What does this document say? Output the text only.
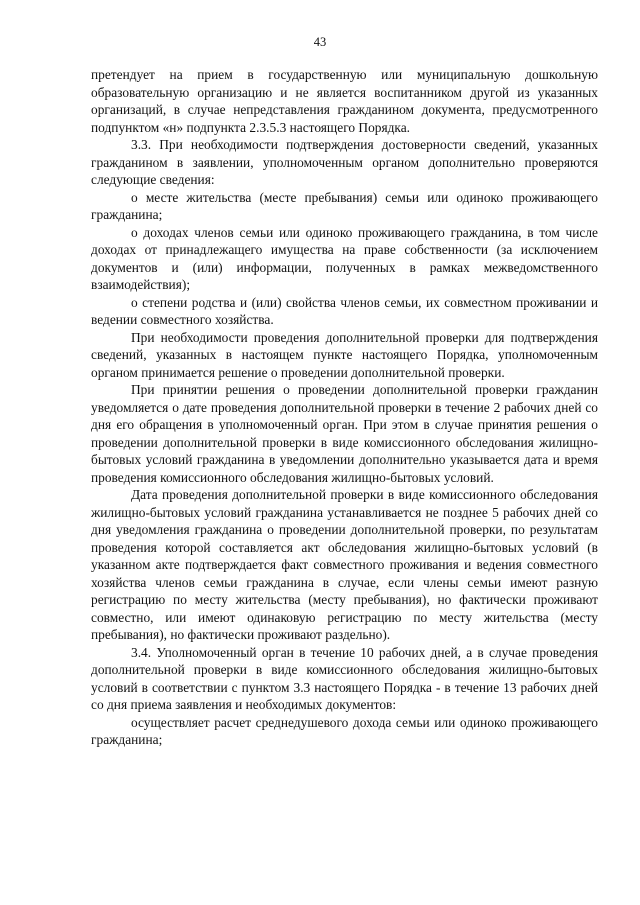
43

претендует на прием в государственную или муниципальную дошкольную образовательную организацию и не является воспитанником другой из указанных организаций, в случае непредставления гражданином документа, предусмотренного подпунктом «н» подпункта 2.3.5.3 настоящего Порядка.

3.3. При необходимости подтверждения достоверности сведений, указанных гражданином в заявлении, уполномоченным органом дополнительно проверяются следующие сведения:

о месте жительства (месте пребывания) семьи или одиноко проживающего гражданина;

о доходах членов семьи или одиноко проживающего гражданина, в том числе доходах от принадлежащего имущества на праве собственности (за исключением документов и (или) информации, полученных в рамках межведомственного взаимодействия);

о степени родства и (или) свойства членов семьи, их совместном проживании и ведении совместного хозяйства.

При необходимости проведения дополнительной проверки для подтверждения сведений, указанных в настоящем пункте настоящего Порядка, уполномоченным органом принимается решение о проведении дополнительной проверки.

При принятии решения о проведении дополнительной проверки гражданин уведомляется о дате проведения дополнительной проверки в течение 2 рабочих дней со дня его обращения в уполномоченный орган. При этом в случае принятия решения о проведении дополнительной проверки в виде комиссионного обследования жилищно-бытовых условий гражданина в уведомлении дополнительно указывается дата и время проведения комиссионного обследования жилищно-бытовых условий.

Дата проведения дополнительной проверки в виде комиссионного обследования жилищно-бытовых условий гражданина устанавливается не позднее 5 рабочих дней со дня уведомления гражданина о проведении дополнительной проверки, по результатам проведения которой составляется акт обследования жилищно-бытовых условий (в указанном акте подтверждается факт совместного проживания и ведения совместного хозяйства членов семьи гражданина в случае, если члены семьи имеют разную регистрацию по месту жительства (месту пребывания), но фактически проживают совместно, или имеют одинаковую регистрацию по месту жительства (месту пребывания), но фактически проживают раздельно).

3.4. Уполномоченный орган в течение 10 рабочих дней, а в случае проведения дополнительной проверки в виде комиссионного обследования жилищно-бытовых условий в соответствии с пунктом 3.3 настоящего Порядка - в течение 13 рабочих дней со дня приема заявления и необходимых документов:

осуществляет расчет среднедушевого дохода семьи или одиноко проживающего гражданина;
